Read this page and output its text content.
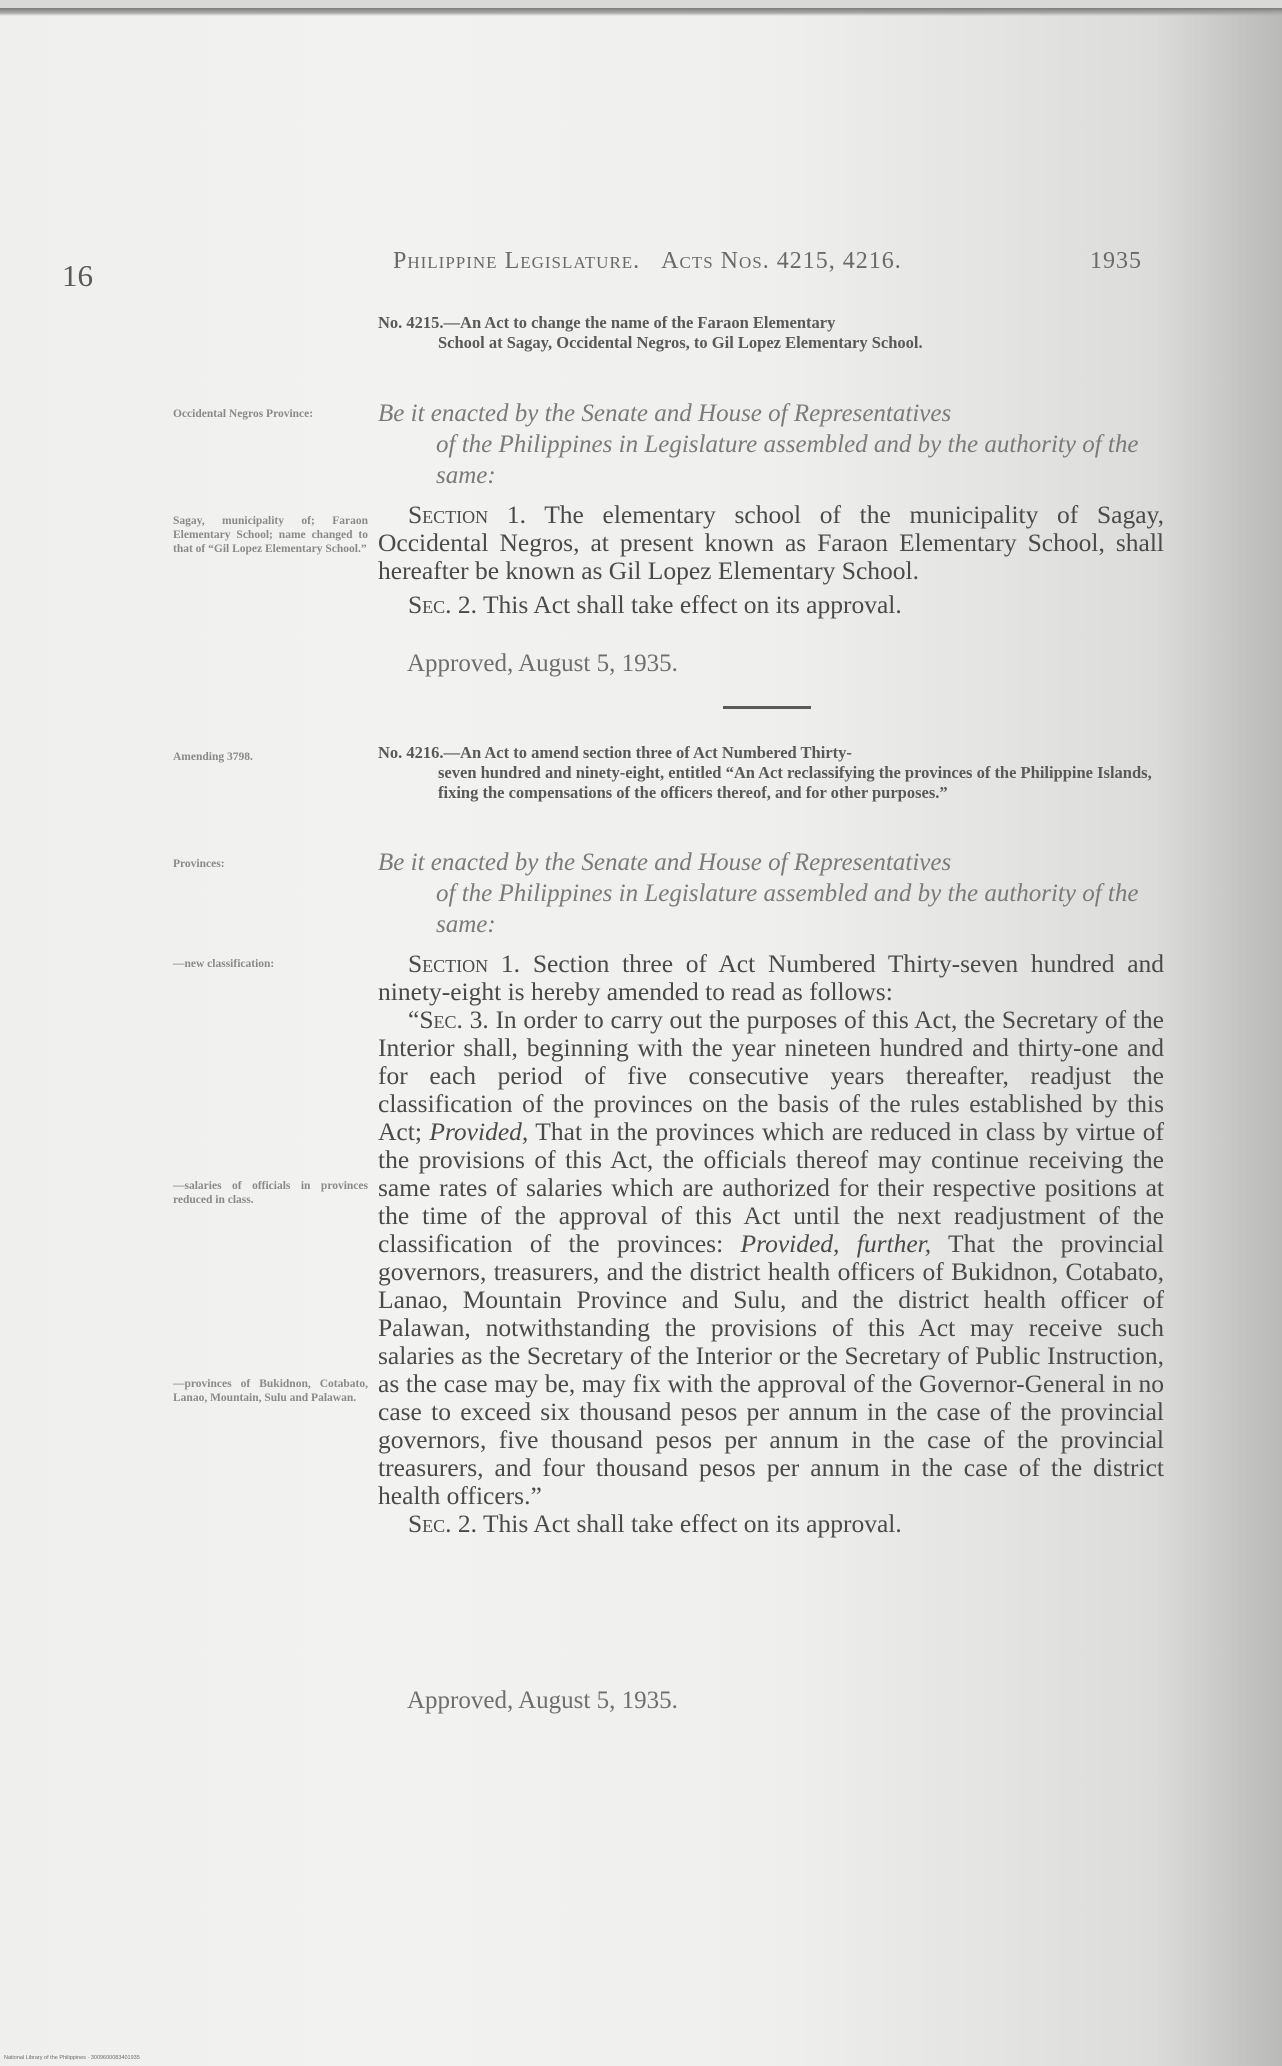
16	Philippine Legislature. Acts Nos. 4215, 4216.	1935
No. 4215.—An Act to change the name of the Faraon Elementary
School at Sagay, Occidental Negros, to Gil Lopez Elementary School.
Occidental Negros Province:	Be it enacted by the Senate and House of Representatives
of the Philippines in Legislature assembled and by the authority of the same:
Sagay, municipality of; Faraon Elementary School; name changed to that of “Gil Lopez Elementary School.”

Section 1. The elementary school of the municipality of Sagay, Occidental Negros, at present known as Faraon Elementary School, shall hereafter be known as Gil Lopez Elementary School.

Sec. 2. This Act shall take effect on its approval.

Approved, August 5, 1935.
Amending 3798.	No. 4216.—An Act to amend section three of Act Numbered Thirty-
seven hundred and ninety-eight, entitled “An Act reclassifying the provinces of the Philippine Islands, fixing the compensations of the officers thereof, and for other purposes.”
Provinces:	Be it enacted by the Senate and House of Representatives
of the Philippines in Legislature assembled and by the authority of the same:
—new classification:
—salaries of officials in provinces reduced in class.
—provinces of Bukidnon, Cotabato, Lanao, Mountain, Sulu and Palawan.

Section 1. Section three of Act Numbered Thirty-seven hundred and ninety-eight is hereby amended to read as follows:

“Sec. 3. In order to carry out the purposes of this Act, the Secretary of the Interior shall, beginning with the year nineteen hundred and thirty-one and for each period of five consecutive years thereafter, readjust the classification of the provinces on the basis of the rules established by this Act; Provided, That in the provinces which are reduced in class by virtue of the provisions of this Act, the officials thereof may continue receiving the same rates of salaries which are authorized for their respective positions at the time of the approval of this Act until the next readjustment of the classification of the provinces: Provided, further, That the provincial governors, treasurers, and the district health officers of Bukidnon, Cotabato, Lanao, Mountain Province and Sulu, and the district health officer of Palawan, notwithstanding the provisions of this Act may receive such salaries as the Secretary of the Interior or the Secretary of Public Instruction, as the case may be, may fix with the approval of the Governor-General in no case to exceed six thousand pesos per annum in the case of the provincial governors, five thousand pesos per annum in the case of the provincial treasurers, and four thousand pesos per annum in the case of the district health officers.”

Sec. 2. This Act shall take effect on its approval.

Approved, August 5, 1935.
National Library of the Philippines · 3009600083401935
